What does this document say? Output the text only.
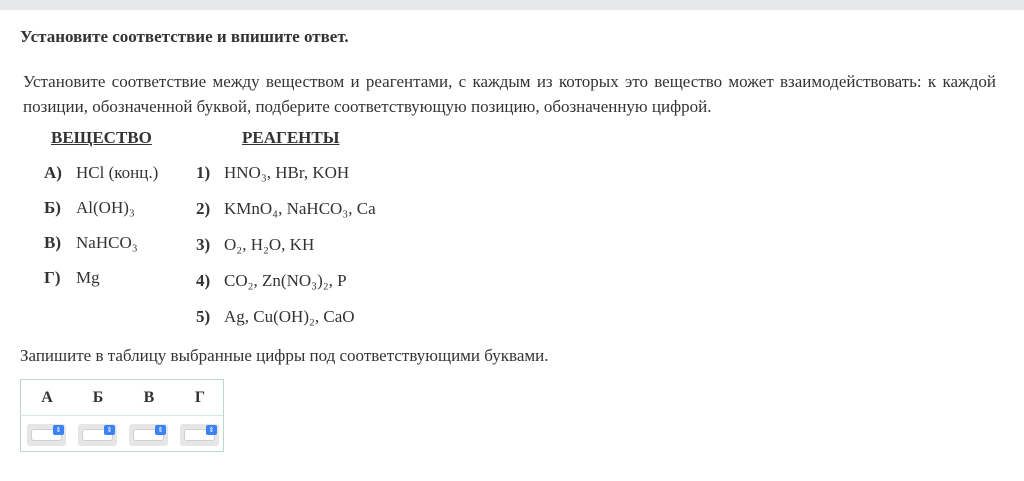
Установите соответствие и впишите ответ.
Установите соответствие между веществом и реагентами, с каждым из которых это вещество может взаимодействовать: к каждой позиции, обозначенной буквой, подберите соответствующую позицию, обозначенную цифрой.
ВЕЩЕСТВО	РЕАГЕНТЫ
А) HCl (конц.)
Б) Al(OH)₃
В) NaHCO₃
Г) Mg
1) HNO₃, HBr, KOH
2) KMnO₄, NaHCO₃, Ca
3) O₂, H₂O, KH
4) CO₂, Zn(NO₃)₂, P
5) Ag, Cu(OH)₂, CaO
Запишите в таблицу выбранные цифры под соответствующими буквами.
А	Б	В	Г
⇕	⇕	⇕	⇕
